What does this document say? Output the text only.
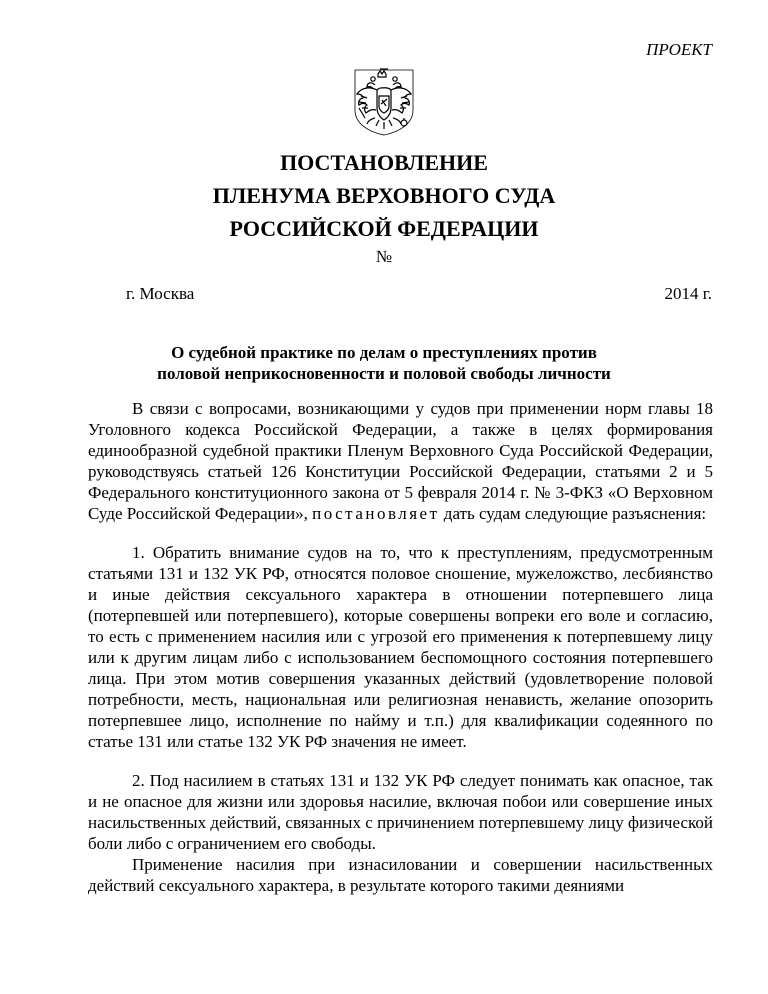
ПРОЕКТ
ПОСТАНОВЛЕНИЕ
ПЛЕНУМА ВЕРХОВНОГО СУДА
РОССИЙСКОЙ ФЕДЕРАЦИИ
№
г. Москва	2014 г.
О судебной практике по делам о преступлениях против
половой неприкосновенности и половой свободы личности

В связи с вопросами, возникающими у судов при применении норм главы 18 Уголовного кодекса Российской Федерации, а также в целях формирования единообразной судебной практики Пленум Верховного Суда Российской Федерации, руководствуясь статьей 126 Конституции Российской Федерации, статьями 2 и 5 Федерального конституционного закона от 5 февраля 2014 г. № 3-ФКЗ «О Верховном Суде Российской Федерации», постановляет дать судам следующие разъяснения:

1. Обратить внимание судов на то, что к преступлениям, предусмотренным статьями 131 и 132 УК РФ, относятся половое сношение, мужеложство, лесбиянство и иные действия сексуального характера в отношении потерпевшего лица (потерпевшей или потерпевшего), которые совершены вопреки его воле и согласию, то есть с применением насилия или с угрозой его применения к потерпевшему лицу или к другим лицам либо с использованием беспомощного состояния потерпевшего лица. При этом мотив совершения указанных действий (удовлетворение половой потребности, месть, национальная или религиозная ненависть, желание опозорить потерпевшее лицо, исполнение по найму и т.п.) для квалификации содеянного по статье 131 или статье 132 УК РФ значения не имеет.

2. Под насилием в статьях 131 и 132 УК РФ следует понимать как опасное, так и не опасное для жизни или здоровья насилие, включая побои или совершение иных насильственных действий, связанных с причинением потерпевшему лицу физической боли либо с ограничением его свободы.

Применение насилия при изнасиловании и совершении насильственных действий сексуального характера, в результате которого такими деяниями
